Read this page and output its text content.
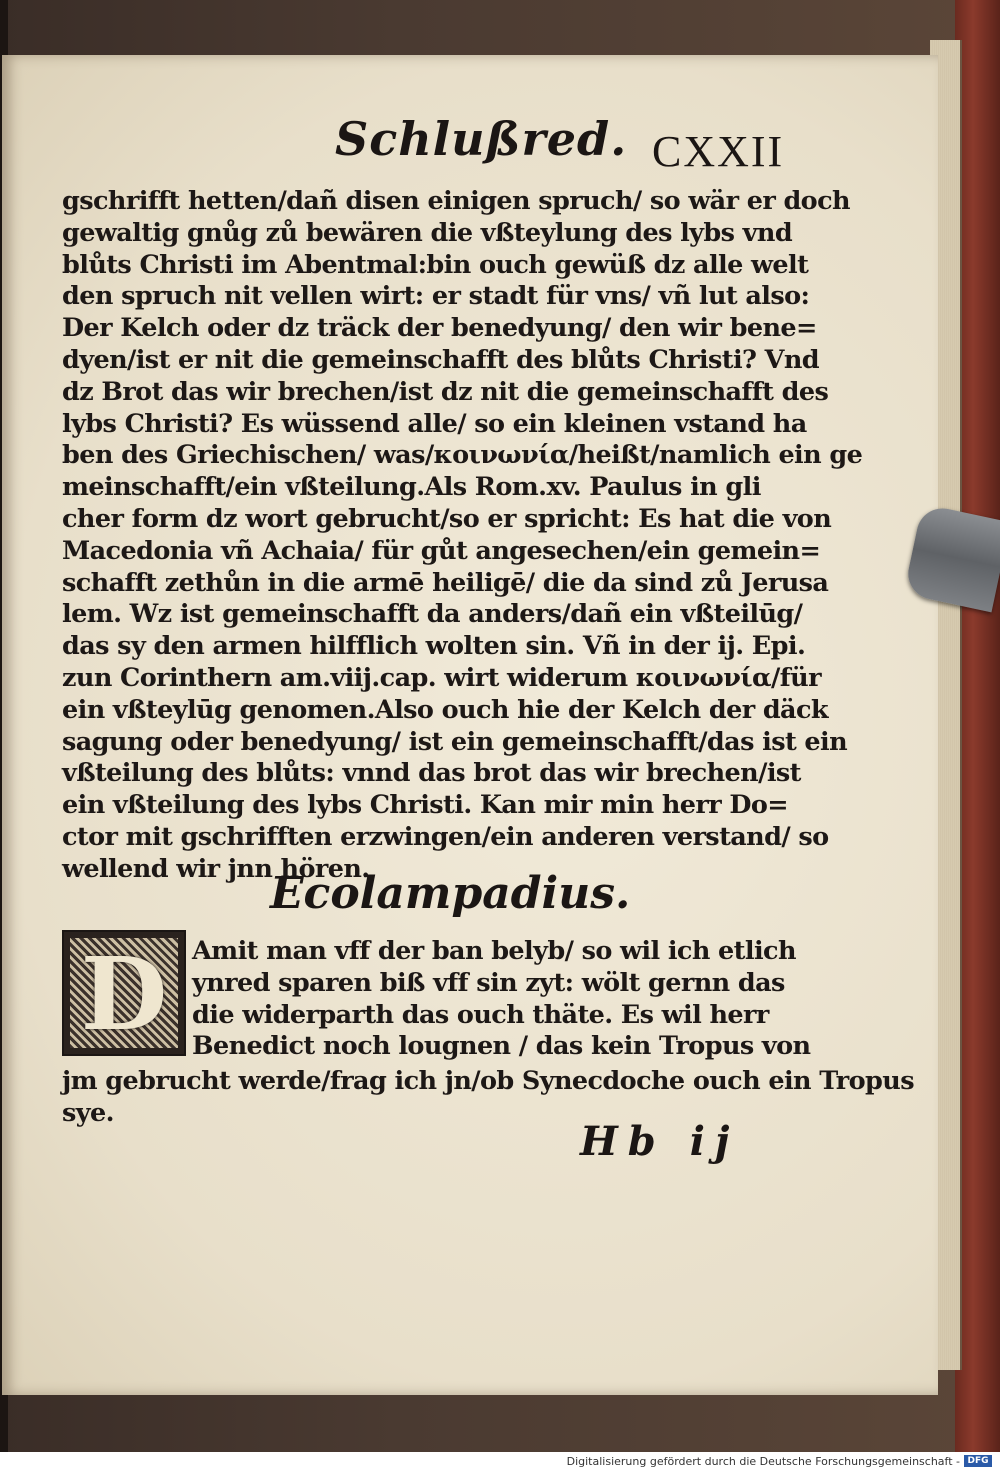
Schlußred. CXXII
gschrifft hetten/dañ disen einigen spruch/ so wär er doch
gewaltig gnůg zů bewären die vßteylung des lybs vnd
blůts Christi im Abentmal:bin ouch gewüß dz alle welt
den spruch nit vellen wirt: er stadt für vns/ vñ lut also:
Der Kelch oder dz träck der benedyung/ den wir bene=
dyen/ist er nit die gemeinschafft des blůts Christi? Vnd
dz Brot das wir brechen/ist dz nit die gemeinschafft des
lybs Christi? Es wüssend alle/ so ein kleinen vstand ha
ben des Griechischen/ was/κοινωνία/heißt/namlich ein ge
meinschafft/ein vßteilung.Als Rom.xv. Paulus in gli
cher form dz wort gebrucht/so er spricht: Es hat die von
Macedonia vñ Achaia/ für gůt angesechen/ein gemein=
schafft zethůn in die armē heiligē/ die da sind zů Jerusa
lem. Wz ist gemeinschafft da anders/dañ ein vßteilūg/
das sy den armen hilfflich wolten sin. Vñ in der ij. Epi.
zun Corinthern am.viij.cap. wirt widerum κοινωνία/für
ein vßteylūg genomen.Also ouch hie der Kelch der däck
sagung oder benedyung/ ist ein gemeinschafft/das ist ein
vßteilung des blůts: vnnd das brot das wir brechen/ist
ein vßteilung des lybs Christi. Kan mir min herr Do=
ctor mit gschrifften erzwingen/ein anderen verstand/ so
wellend wir jnn hören.
Ecolampadius.
D Amit man vff der ban belyb/ so wil ich etlich
ynred sparen biß vff sin zyt: wölt gernn das
die widerparth das ouch thäte. Es wil herr
Benedict noch lougnen / das kein Tropus von
jm gebrucht werde/frag ich jn/ob Synecdoche ouch ein Tropus
sye.
Hb ij
Digitalisierung gefördert durch die Deutsche Forschungsgemeinschaft - DFG
